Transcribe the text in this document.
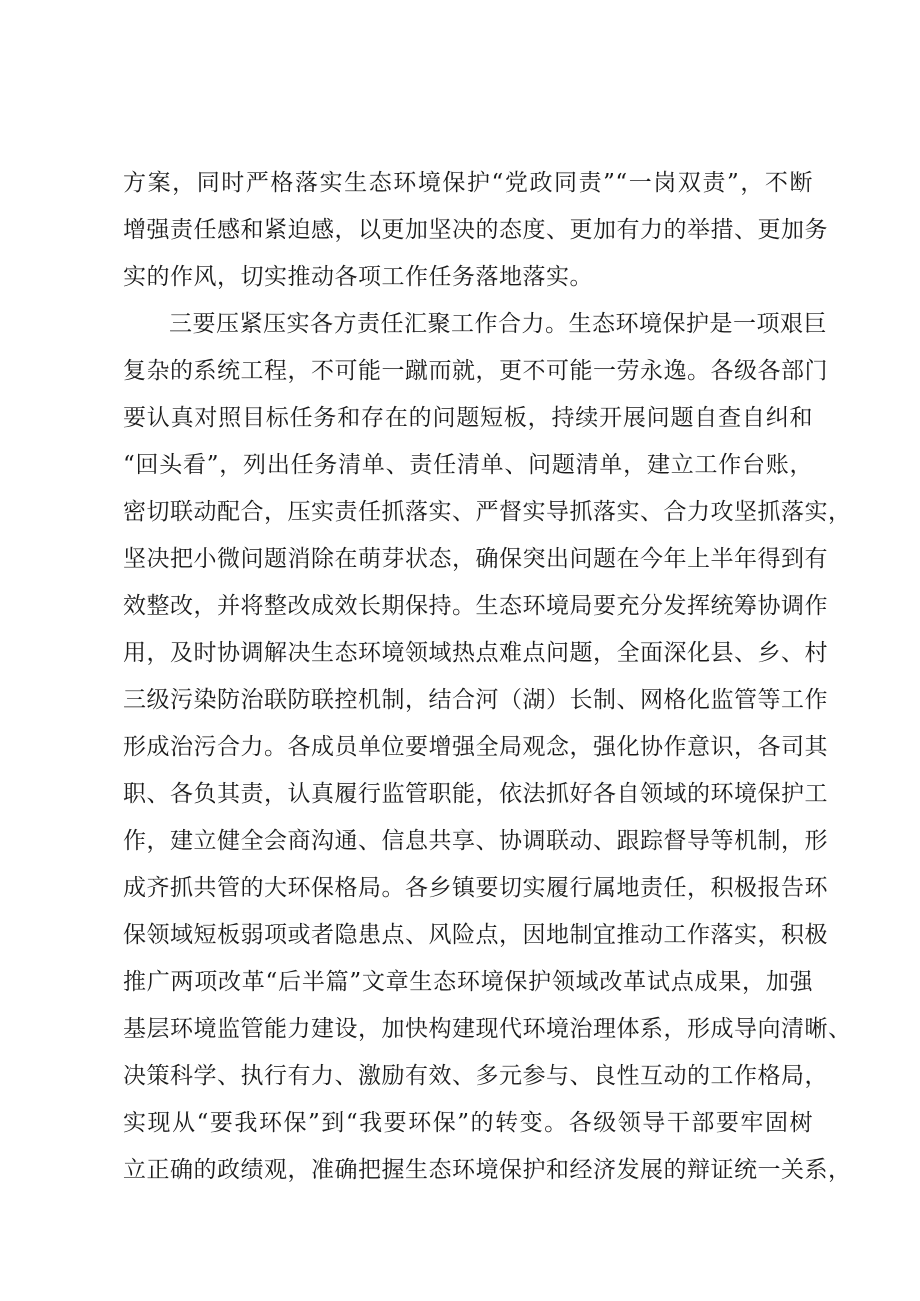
方案，同时严格落实生态环境保护“党政同责”“一岗双责”，不断
增强责任感和紧迫感，以更加坚决的态度、更加有力的举措、更加务
实的作风，切实推动各项工作任务落地落实。
三要压紧压实各方责任汇聚工作合力。生态环境保护是一项艰巨
复杂的系统工程，不可能一蹴而就，更不可能一劳永逸。各级各部门
要认真对照目标任务和存在的问题短板，持续开展问题自查自纠和
“回头看”，列出任务清单、责任清单、问题清单，建立工作台账，
密切联动配合，压实责任抓落实、严督实导抓落实、合力攻坚抓落实，
坚决把小微问题消除在萌芽状态，确保突出问题在今年上半年得到有
效整改，并将整改成效长期保持。生态环境局要充分发挥统筹协调作
用，及时协调解决生态环境领域热点难点问题，全面深化县、乡、村
三级污染防治联防联控机制，结合河（湖）长制、网格化监管等工作
形成治污合力。各成员单位要增强全局观念，强化协作意识，各司其
职、各负其责，认真履行监管职能，依法抓好各自领域的环境保护工
作，建立健全会商沟通、信息共享、协调联动、跟踪督导等机制，形
成齐抓共管的大环保格局。各乡镇要切实履行属地责任，积极报告环
保领域短板弱项或者隐患点、风险点，因地制宜推动工作落实，积极
推广两项改革“后半篇”文章生态环境保护领域改革试点成果，加强
基层环境监管能力建设，加快构建现代环境治理体系，形成导向清晰、
决策科学、执行有力、激励有效、多元参与、良性互动的工作格局，
实现从“要我环保”到“我要环保”的转变。各级领导干部要牢固树
立正确的政绩观，准确把握生态环境保护和经济发展的辩证统一关系，
